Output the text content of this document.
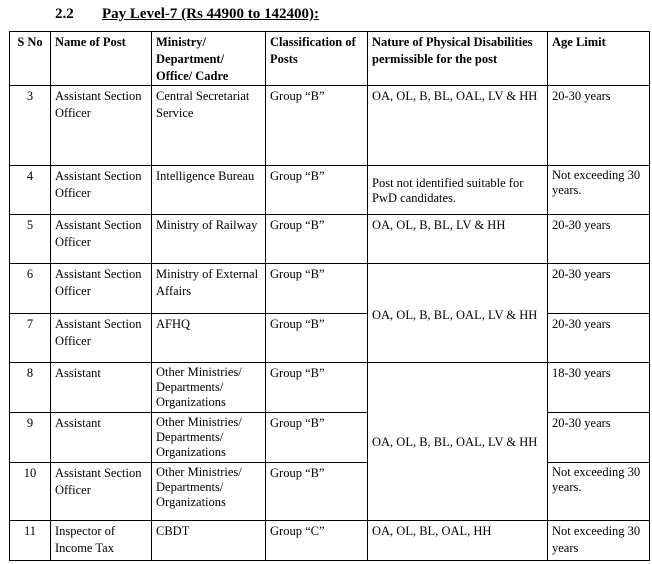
2.2 Pay Level-7 (Rs 44900 to 142400):
S No	Name of Post	Ministry/ Department/ Office/ Cadre	Classification of Posts	Nature of Physical Disabilities permissible for the post	Age Limit
3	Assistant Section Officer	Central Secretariat Service	Group “B”	OA, OL, B, BL, OAL, LV & HH	20-30 years
4	Assistant Section Officer	Intelligence Bureau	Group “B”	Post not identified suitable for PwD candidates.	Not exceeding 30 years.
5	Assistant Section Officer	Ministry of Railway	Group “B”	OA, OL, B, BL, LV & HH	20-30 years
6	Assistant Section Officer	Ministry of External Affairs	Group “B”	OA, OL, B, BL, OAL, LV & HH	20-30 years
7	Assistant Section Officer	AFHQ	Group “B”		20-30 years
8	Assistant	Other Ministries/ Departments/ Organizations	Group “B”	OA, OL, B, BL, OAL, LV & HH	18-30 years
9	Assistant	Other Ministries/ Departments/ Organizations	Group “B”		20-30 years
10	Assistant Section Officer	Other Ministries/ Departments/ Organizations	Group “B”		Not exceeding 30 years.
11	Inspector of Income Tax	CBDT	Group “C”	OA, OL, BL, OAL, HH	Not exceeding 30 years
